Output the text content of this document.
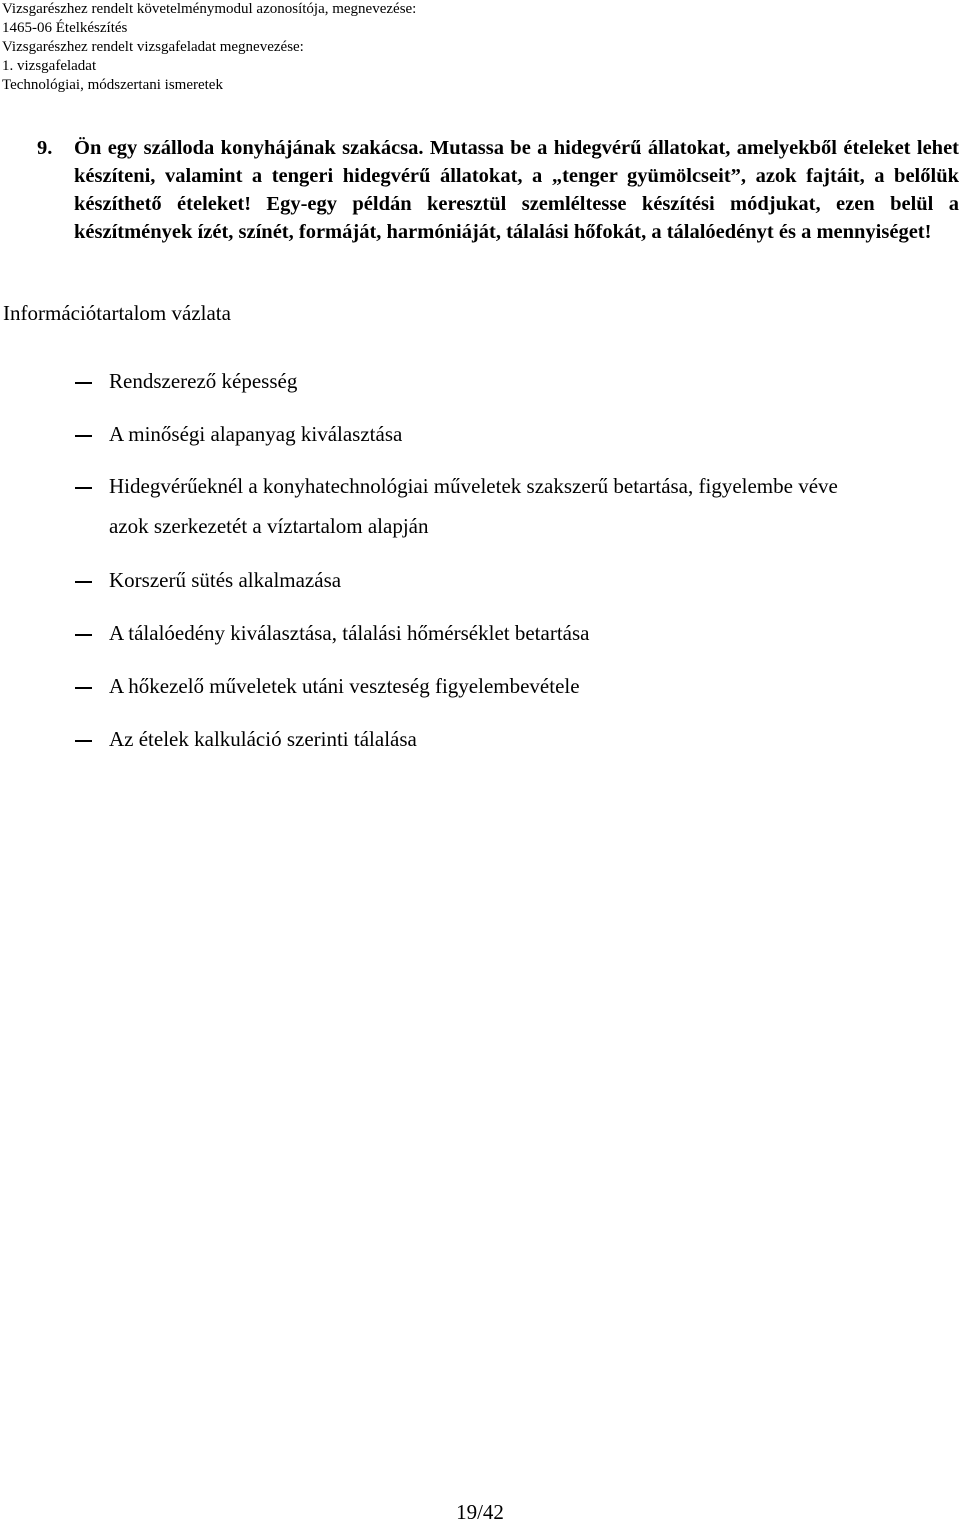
Vizsgarészhez rendelt követelménymodul azonosítója, megnevezése:
1465-06 Ételkészítés
Vizsgarészhez rendelt vizsgafeladat megnevezése:
1. vizsgafeladat
Technológiai, módszertani ismeretek
9. Ön egy szálloda konyhájának szakácsa. Mutassa be a hidegvérű állatokat, amelyekből ételeket lehet készíteni, valamint a tengeri hidegvérű állatokat, a „tenger gyümölcseit”, azok fajtáit, a belőlük készíthető ételeket! Egy-egy példán keresztül szemléltesse készítési módjukat, ezen belül a készítmények ízét, színét, formáját, harmóniáját, tálalási hőfokát, a tálalóedényt és a mennyiséget!
Információtartalom vázlata
Rendszerező képesség
A minőségi alapanyag kiválasztása
Hidegvérűeknél a konyhatechnológiai műveletek szakszerű betartása, figyelembe véve
azok szerkezetét a víztartalom alapján
Korszerű sütés alkalmazása
A tálalóedény kiválasztása, tálalási hőmérséklet betartása
A hőkezelő műveletek utáni veszteség figyelembevétele
Az ételek kalkuláció szerinti tálalása
19/42
